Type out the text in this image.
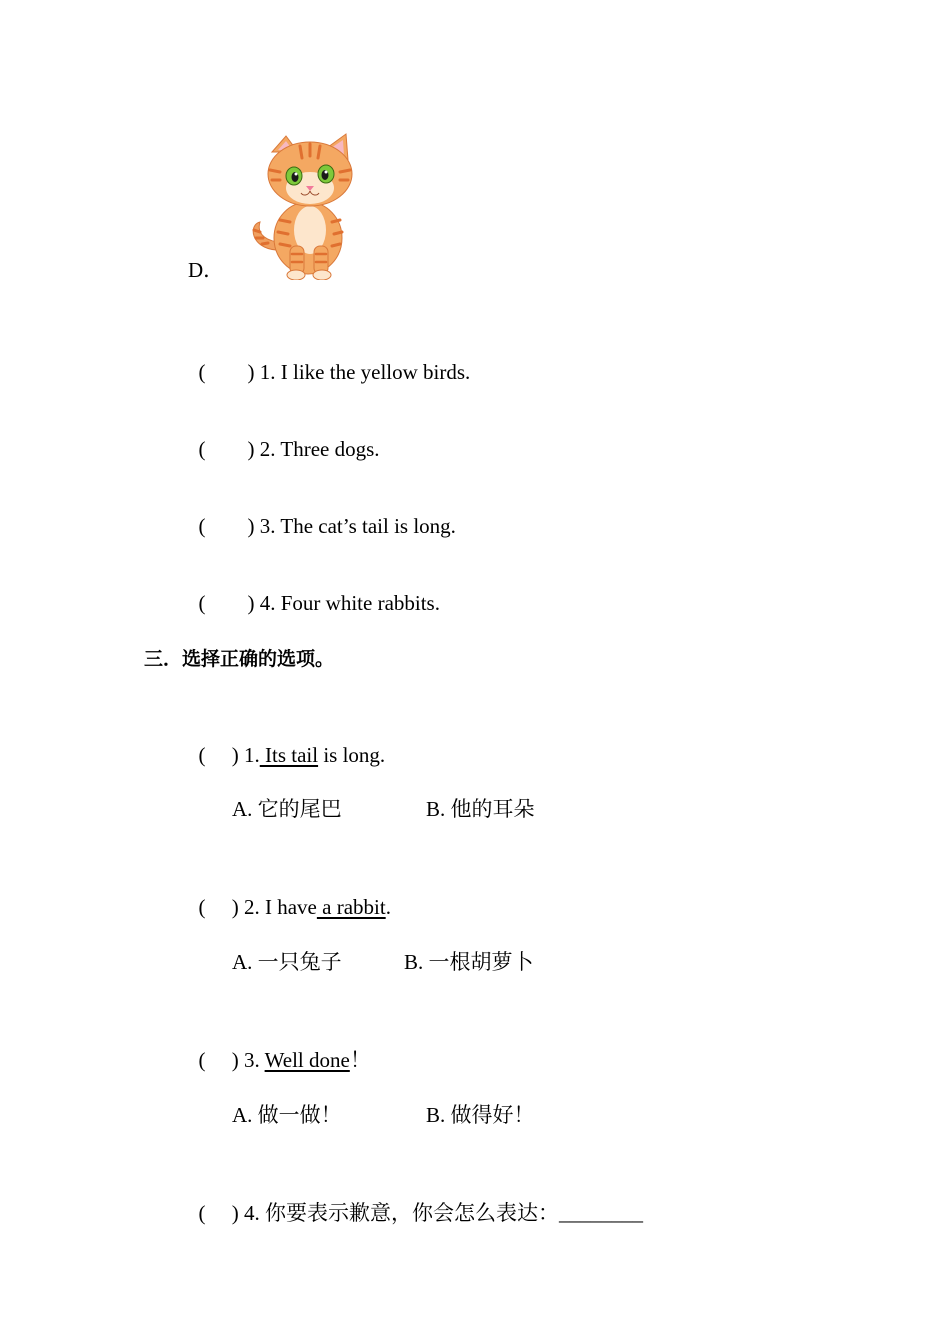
D．

(        ) 1. I like the yellow birds.

(        ) 2. Three dogs.

(        ) 3. The cat’s tail is long.

(        ) 4. Four white rabbits.

三．选择正确的选项。

(     ) 1. Its tail is long.

A. 它的尾巴	B. 他的耳朵

(     ) 2. I have a rabbit.

A. 一只兔子	B. 一根胡萝卜

(     ) 3. Well done！

A. 做一做！	B. 做得好！

(     ) 4. 你要表示歉意，你会怎么表达：________
